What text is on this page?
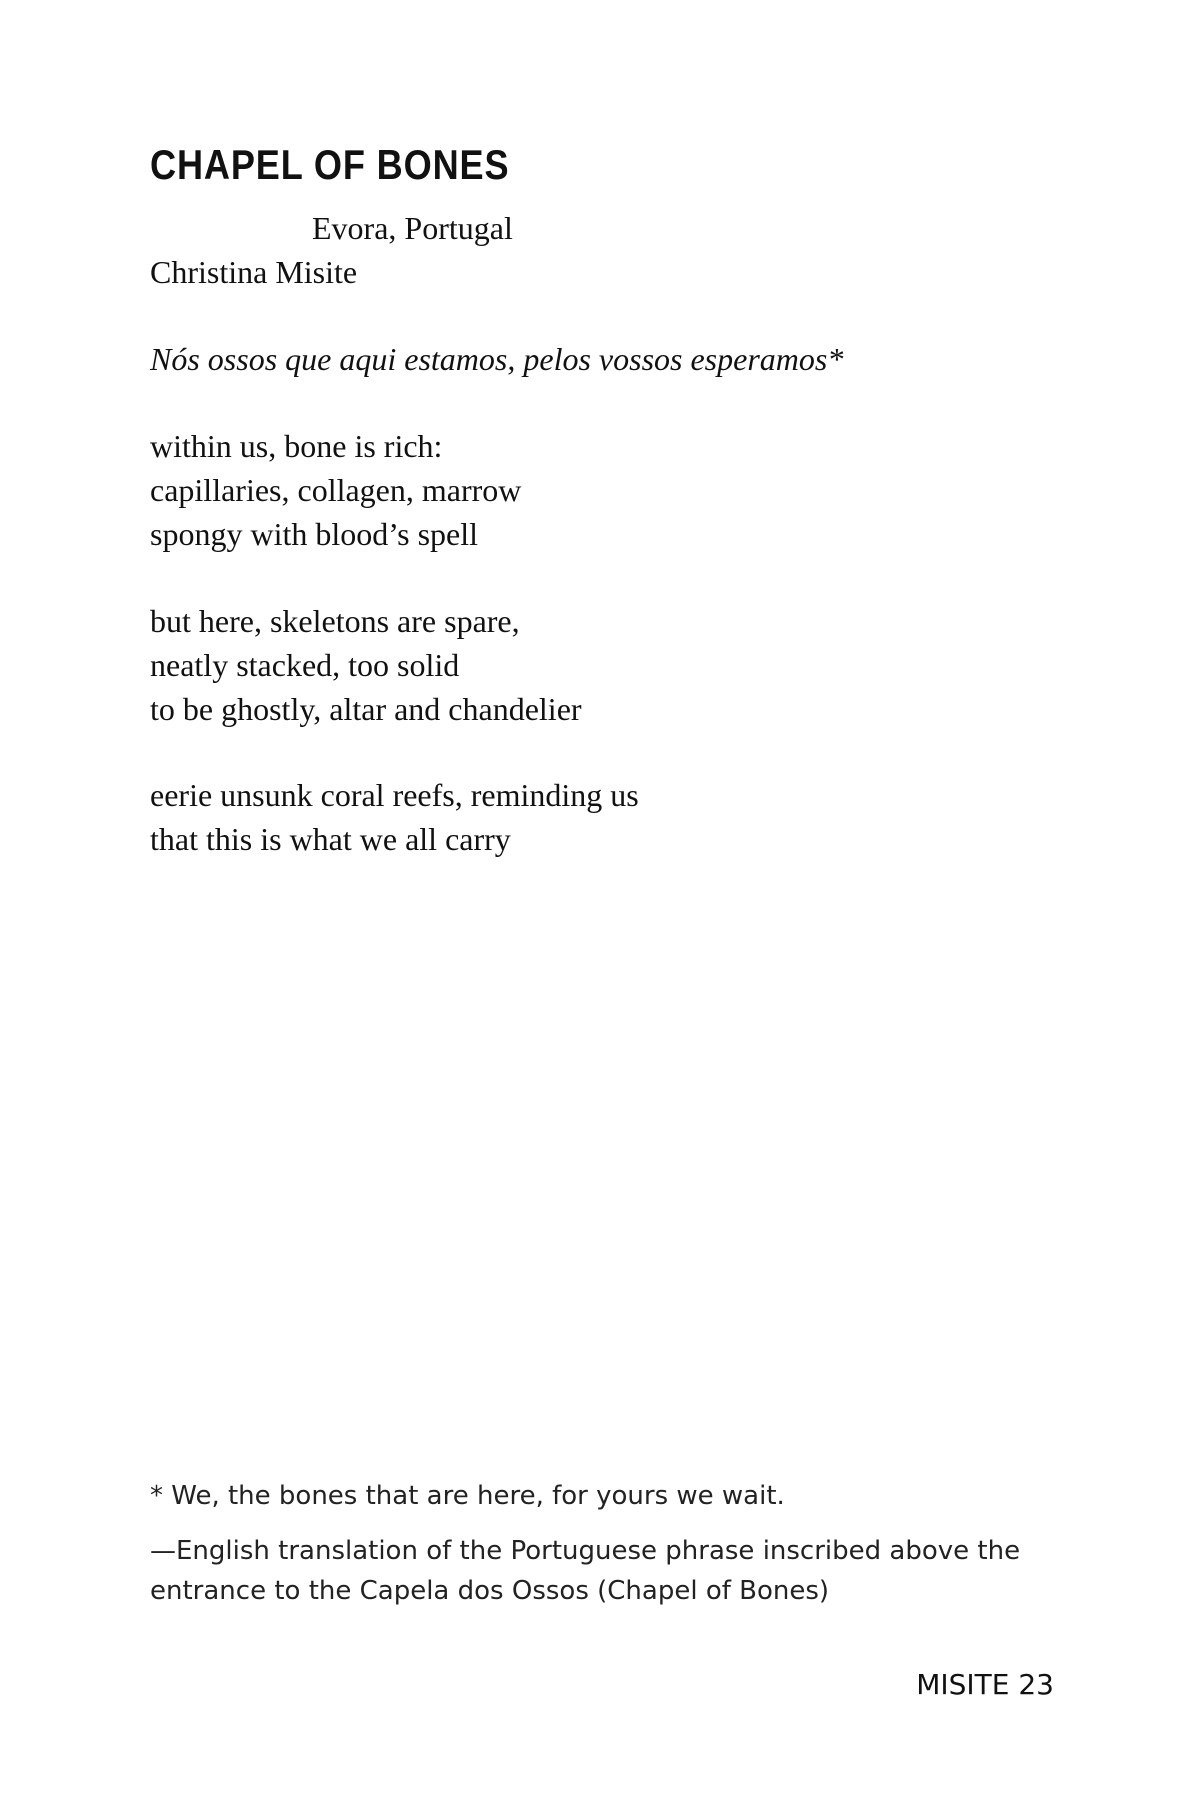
CHAPEL OF BONES
Evora, Portugal
Christina Misite
Nós ossos que aqui estamos, pelos vossos esperamos*
within us, bone is rich:
capillaries, collagen, marrow
spongy with blood’s spell
but here, skeletons are spare,
neatly stacked, too solid
to be ghostly, altar and chandelier
eerie unsunk coral reefs, reminding us
that this is what we all carry
* We, the bones that are here, for yours we wait.
—English translation of the Portuguese phrase inscribed above the
entrance to the Capela dos Ossos (Chapel of Bones)
MISITE 23
